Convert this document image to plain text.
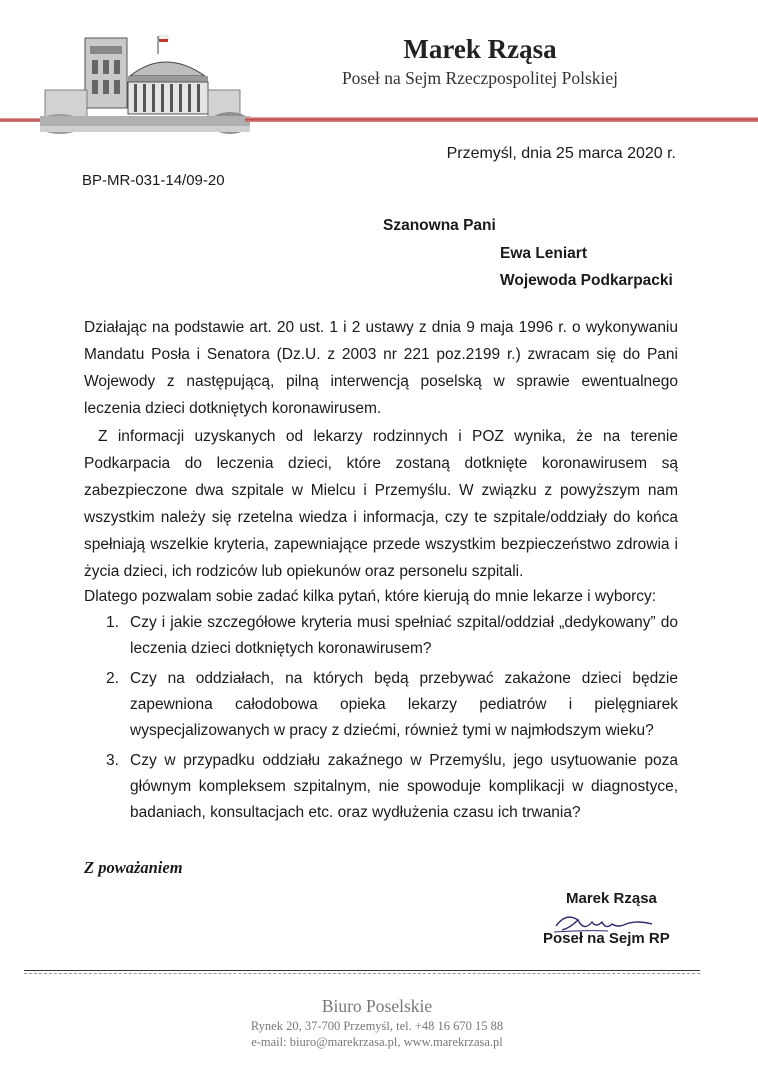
Marek Rząsa
Poseł na Sejm Rzeczpospolitej Polskiej
Przemyśl, dnia 25 marca 2020 r.
BP-MR-031-14/09-20
Szanowna Pani
Ewa Leniart
Wojewoda Podkarpacki
Działając na podstawie art. 20 ust. 1 i 2 ustawy z dnia 9 maja 1996 r. o wykonywaniu Mandatu Posła i Senatora (Dz.U. z 2003 nr 221 poz.2199 r.) zwracam się do Pani Wojewody z następującą, pilną interwencją poselską w sprawie ewentualnego leczenia dzieci dotkniętych koronawirusem.
Z informacji uzyskanych od lekarzy rodzinnych i POZ wynika, że na terenie Podkarpacia do leczenia dzieci, które zostaną dotknięte koronawirusem są zabezpieczone dwa szpitale w Mielcu i Przemyślu. W związku z powyższym nam wszystkim należy się rzetelna wiedza i informacja, czy te szpitale/oddziały do końca spełniają wszelkie kryteria, zapewniające przede wszystkim bezpieczeństwo zdrowia i życia dzieci, ich rodziców lub opiekunów oraz personelu szpitali.
Dlatego pozwalam sobie zadać kilka pytań, które kierują do mnie lekarze i wyborcy:
1. Czy i jakie szczegółowe kryteria musi spełniać szpital/oddział „dedykowany” do leczenia dzieci dotkniętych koronawirusem?
2. Czy na oddziałach, na których będą przebywać zakażone dzieci będzie zapewniona całodobowa opieka lekarzy pediatrów i pielęgniarek wyspecjalizowanych w pracy z dziećmi, również tymi w najmłodszym wieku?
3. Czy w przypadku oddziału zakaźnego w Przemyślu, jego usytuowanie poza głównym kompleksem szpitalnym, nie spowoduje komplikacji w diagnostyce, badaniach, konsultacjach etc. oraz wydłużenia czasu ich trwania?
Z poważaniem
Marek Rząsa
Poseł na Sejm RP
Biuro Poselskie
Rynek 20, 37-700 Przemyśl, tel. +48 16 670 15 88
e-mail: biuro@marekrzasa.pl, www.marekrzasa.pl
